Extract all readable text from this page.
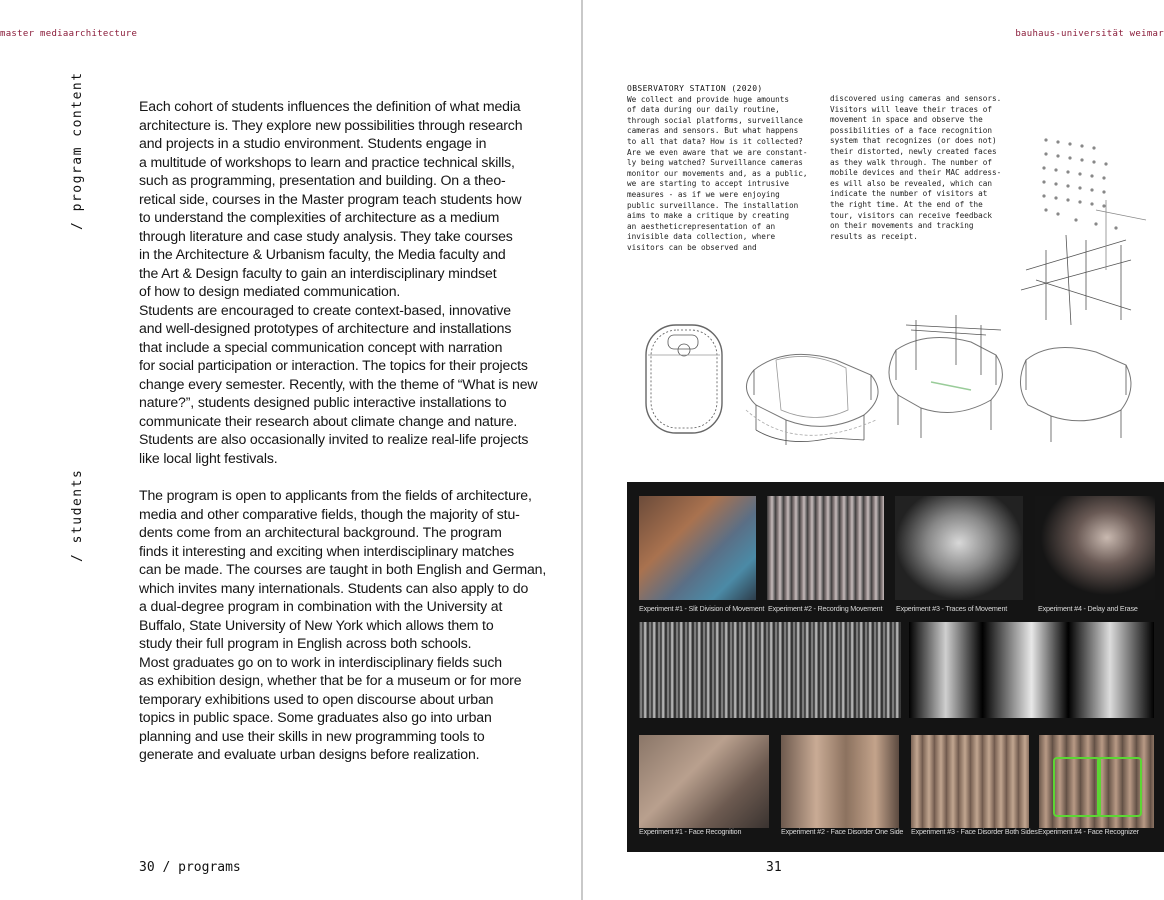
master mediaarchitecture	bauhaus-universität weimar
/ program content
/ students

Each cohort of students influences the definition of what media

architecture is. They explore new possibilities through research

and projects in a studio environment. Students engage in

a multitude of workshops to learn and practice technical skills,

such as programming, presentation and building. On a theo-

retical side, courses in the Master program teach students how

to understand the complexities of architecture as a medium

through literature and case study analysis. They take courses

in the Architecture & Urbanism faculty, the Media faculty and

the Art & Design faculty to gain an interdisciplinary mindset

of how to design mediated communication.

Students are encouraged to create context-based, innovative

and well-designed prototypes of architecture and installations

that include a special communication concept with narration

for social participation or interaction. The topics for their projects

change every semester. Recently, with the theme of “What is new

nature?”, students designed public interactive installations to

communicate their research about climate change and nature.

Students are also occasionally invited to realize real-life projects

like local light festivals.

The program is open to applicants from the fields of architecture,

media and other comparative fields, though the majority of stu-

dents come from an architectural background. The program

finds it interesting and exciting when interdisciplinary matches

can be made. The courses are taught in both English and German,

which invites many internationals. Students can also apply to do

a dual-degree program in combination with the University at

Buffalo, State University of New York which allows them to

study their full program in English across both schools.

Most graduates go on to work in interdisciplinary fields such

as exhibition design, whether that be for a museum or for more

temporary exhibitions used to open discourse about urban

topics in public space. Some graduates also go into urban

planning and use their skills in new programming tools to

generate and evaluate urban designs before realization.

OBSERVATORY STATION (2020)
We collect and provide huge amounts
of data during our daily routine,
through social platforms, surveillance
cameras and sensors. But what happens
to all that data? How is it collected?
Are we even aware that we are constant-
ly being watched? Surveillance cameras
monitor our movements and, as a public,
we are starting to accept intrusive
measures - as if we were enjoying
public surveillance. The installation
aims to make a critique by creating
an aestheticrepresentation of an
invisible data collection, where
visitors can be observed and
discovered using cameras and sensors.
Visitors will leave their traces of
movement in space and observe the
possibilities of a face recognition
system that recognizes (or does not)
their distorted, newly created faces
as they walk through. The number of
mobile devices and their MAC address-
es will also be revealed, which can
indicate the number of visitors at
the right time. At the end of the
tour, visitors can receive feedback
on their movements and tracking
results as receipt.
Experiment #1 - Slit Division of Movement Experiment #2 - Recording Movement Experiment #3 - Traces of Movement	Experiment #4 - Delay and Erase
Experiment #1 - Face Recognition	Experiment #2 - Face Disorder One Side Experiment #3 - Face Disorder Both Sides Experiment #4 - Face Recognizer
30 / programs	31
